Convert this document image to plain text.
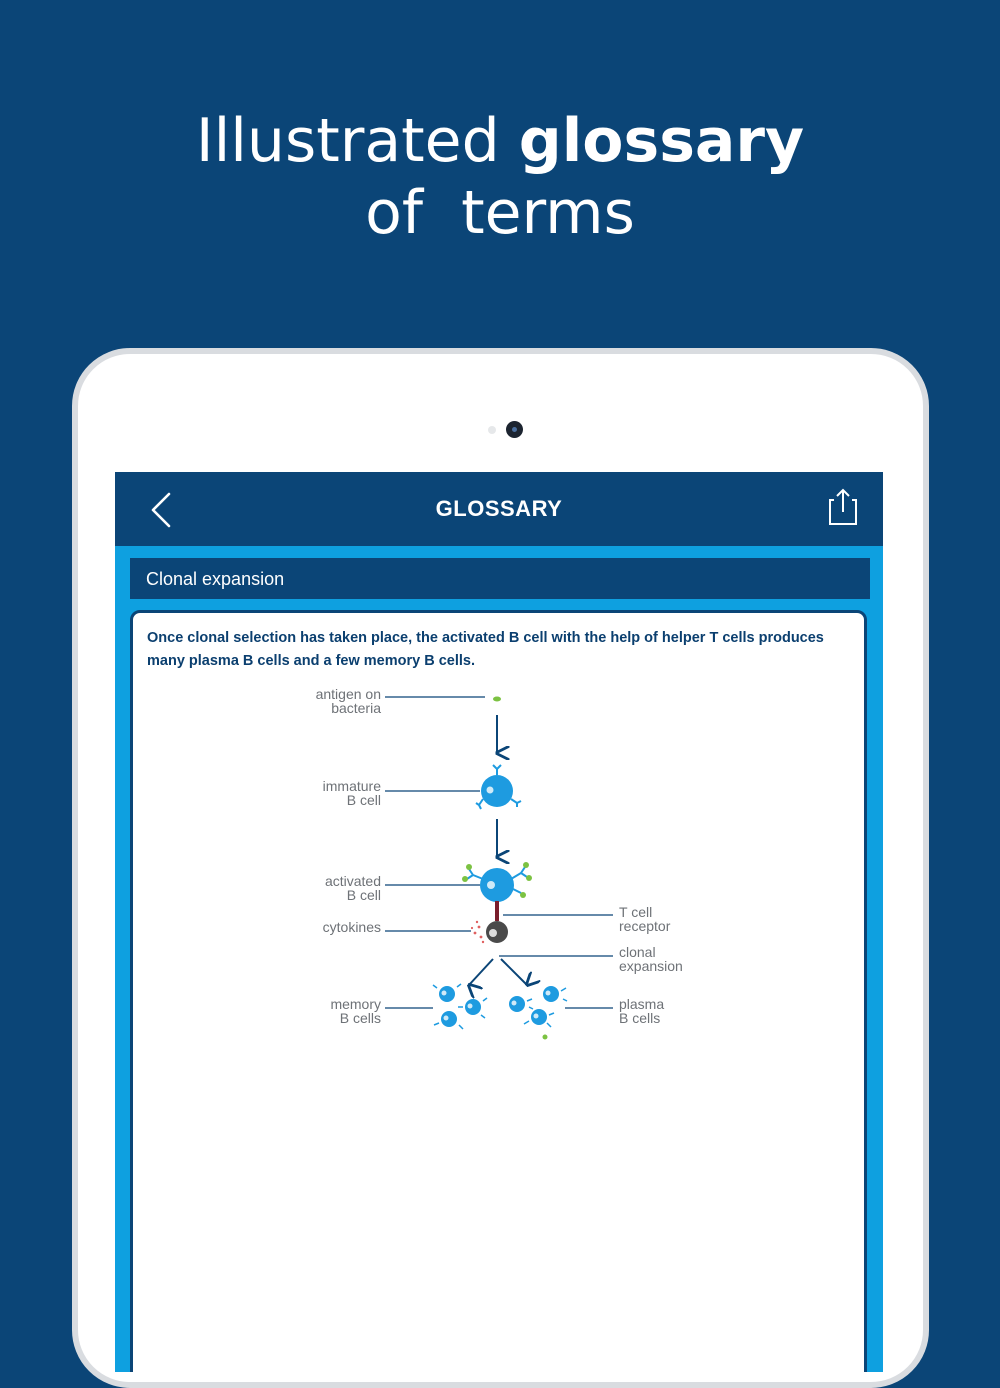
Illustrated glossary
of  terms
GLOSSARY
Clonal expansion
Once clonal selection has taken place, the activated B cell with the help of helper T cells produces many plasma B cells and a few memory B cells.
antigen on
bacteria
immature
B cell
activated
B cell
cytokines
memory
B cells
T cell
receptor
clonal
expansion
plasma
B cells
